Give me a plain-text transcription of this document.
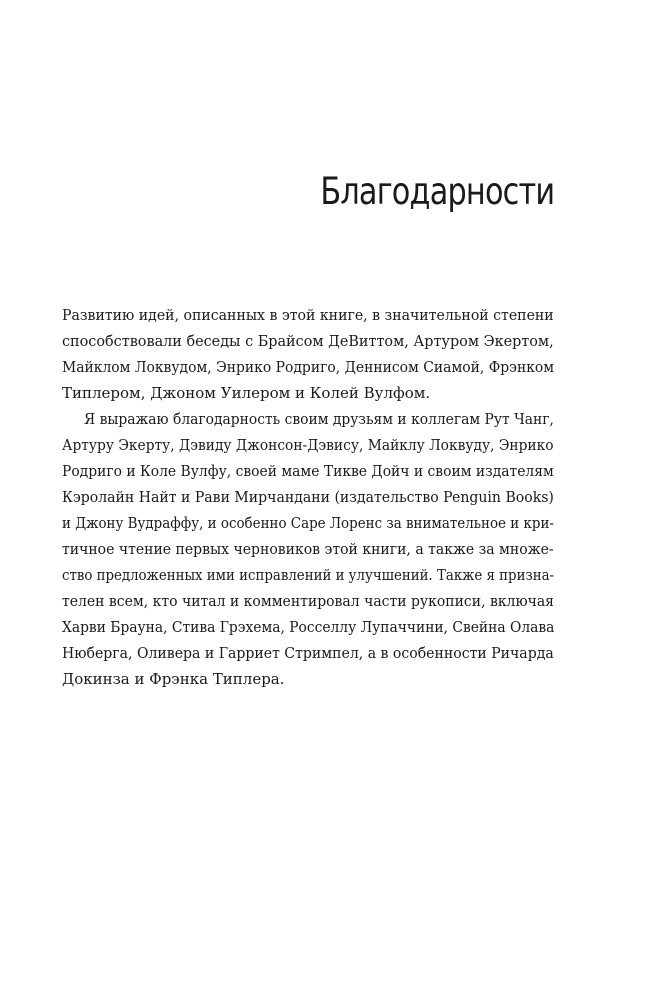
Благодарности
Развитию идей, описанных в этой книге, в значительной степени
способствовали беседы с Брайсом ДеВиттом, Артуром Экертом,
Майклом Локвудом, Энрико Родриго, Деннисом Сиамой, Фрэнком
Типлером, Джоном Уилером и Колей Вулфом.
Я выражаю благодарность своим друзьям и коллегам Рут Чанг,
Артуру Экерту, Дэвиду Джонсон-Дэвису, Майклу Локвуду, Энрико
Родриго и Коле Вулфу, своей маме Тикве Дойч и своим издателям
Кэролайн Найт и Рави Мирчандани (издательство Penguin Books)
и Джону Вудраффу, и особенно Саре Лоренс за внимательное и кри-
тичное чтение первых черновиков этой книги, а также за множе-
ство предложенных ими исправлений и улучшений. Также я призна-
телен всем, кто читал и комментировал части рукописи, включая
Харви Брауна, Стива Грэхема, Росселлу Лупаччини, Свейна Олава
Нюберга, Оливера и Гарриет Стримпел, а в особенности Ричарда
Докинза и Фрэнка Типлера.
